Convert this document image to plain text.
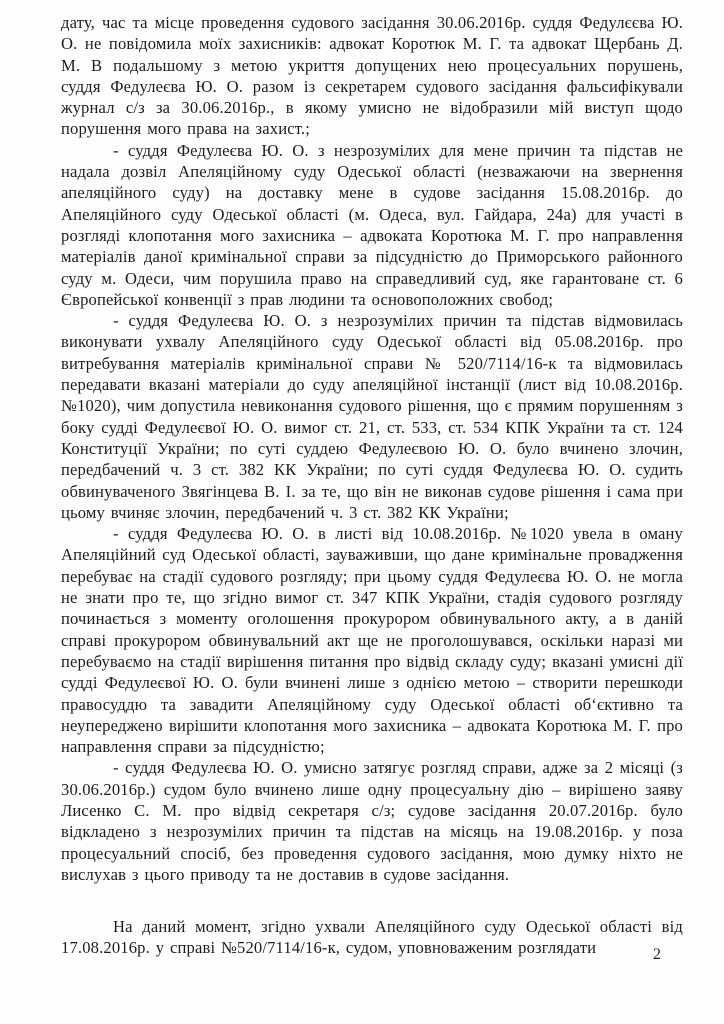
дату, час та місце проведення судового засідання 30.06.2016р. суддя Федулєєва Ю. О. не повідомила моїх захисників: адвокат Коротюк М. Г. та адвокат Щербань Д. М. В подальшому з метою укриття допущених нею процесуальних порушень, суддя Федулеєва Ю. О. разом із секретарем судового засідання фальсифікували журнал с/з за 30.06.2016р., в якому умисно не відобразили мій виступ щодо порушення мого права на захист.;

- суддя Федулеєва Ю. О. з незрозумілих для мене причин та підстав не надала дозвіл Апеляційному суду Одеської області (незважаючи на звернення апеляційного суду) на доставку мене в судове засідання 15.08.2016р. до Апеляційного суду Одеської області (м. Одеса, вул. Гайдара, 24а) для участі в розгляді клопотання мого захисника – адвоката Коротюка М. Г. про направлення матеріалів даної кримінальної справи за підсудністю до Приморського районного суду м. Одеси, чим порушила право на справедливий суд, яке гарантоване ст. 6 Європейської конвенції з прав людини та основоположних свобод;

- суддя Федулеєва Ю. О. з незрозумілих причин та підстав відмовилась виконувати ухвалу Апеляційного суду Одеської області від 05.08.2016р. про витребування матеріалів кримінальної справи № 520/7114/16-к та відмовилась передавати вказані матеріали до суду апеляційної інстанції (лист від 10.08.2016р. №1020), чим допустила невиконання судового рішення, що є прямим порушенням з боку судді Федулеєвої Ю. О. вимог ст. 21, ст. 533, ст. 534 КПК України та ст. 124 Конституції України; по суті суддею Федулеєвою Ю. О. було вчинено злочин, передбачений ч. 3 ст. 382 КК України; по суті суддя Федулеєва Ю. О. судить обвинуваченого Звягінцева В. І. за те, що він не виконав судове рішення і сама при цьому вчиняє злочин, передбачений ч. 3 ст. 382 КК України;

- суддя Федулеєва Ю. О. в листі від 10.08.2016р. №1020 увела в оману Апеляційний суд Одеської області, зауваживши, що дане кримінальне провадження перебуває на стадії судового розгляду; при цьому суддя Федулеєва Ю. О. не могла не знати про те, що згідно вимог ст. 347 КПК України, стадія судового розгляду починається з моменту оголошення прокурором обвинувального акту, а в даній справі прокурором обвинувальний акт ще не проголошувався, оскільки наразі ми перебуваємо на стадії вирішення питання про відвід складу суду; вказані умисні дії судді Федулеєвої Ю. О. були вчинені лише з однією метою – створити перешкоди правосуддю та завадити Апеляційному суду Одеської області об‘єктивно та неупереджено вирішити клопотання мого захисника – адвоката Коротюка М. Г. про направлення справи за підсудністю;

- суддя Федулеєва Ю. О. умисно затягує розгляд справи, адже за 2 місяці (з 30.06.2016р.) судом було вчинено лише одну процесуальну дію – вирішено заяву Лисенко С. М. про відвід секретаря с/з; судове засідання 20.07.2016р. було відкладено з незрозумілих причин та підстав на місяць на 19.08.2016р. у поза процесуальний спосіб, без проведення судового засідання, мою думку ніхто не вислухав з цього приводу та не доставив в судове засідання.

На даний момент, згідно ухвали Апеляційного суду Одеської області від 17.08.2016р. у справі №520/7114/16-к, судом, уповноваженим розглядати	2
